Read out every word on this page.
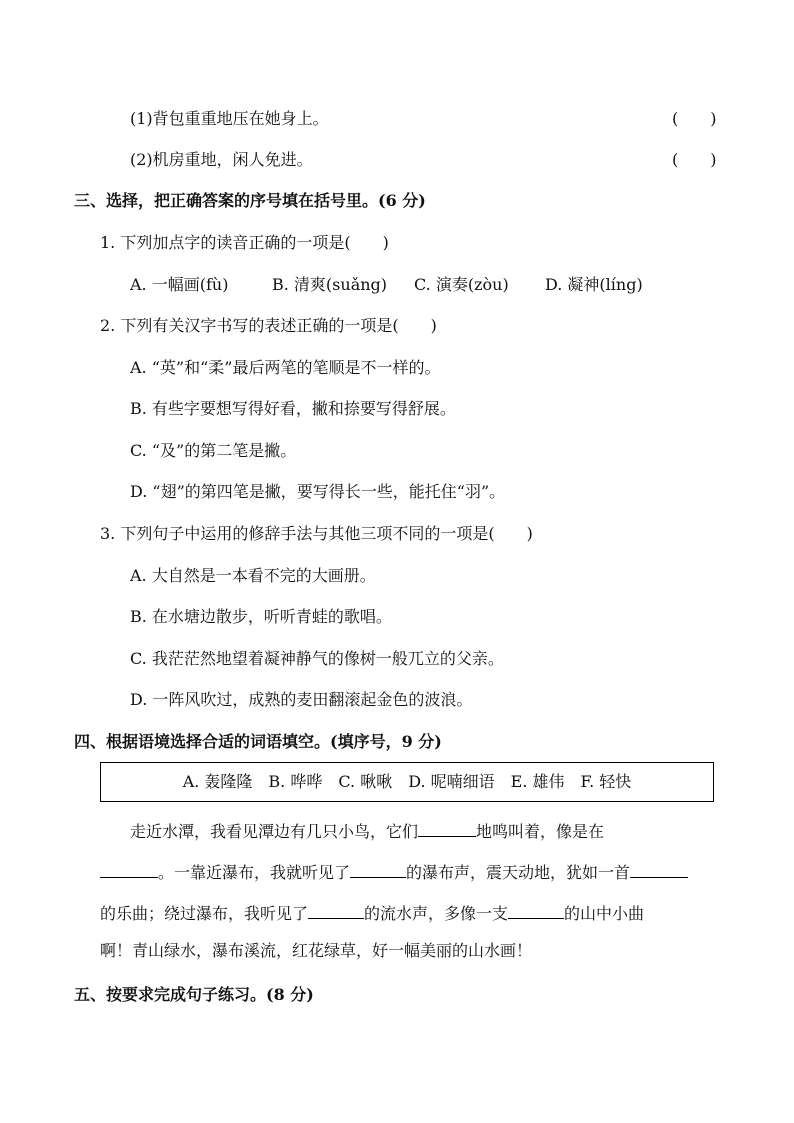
(1)背包重重地压在她身上。	(　　)
(2)机房重地，闲人免进。	(　　)
三、选择，把正确答案的序号填在括号里。(6 分)
1. 下列加点字的读音正确的一项是(　　)
A. 一幅画(fù)	B. 清爽(suǎng) C. 演奏(zòu) D. 凝神(líng)
2. 下列有关汉字书写的表述正确的一项是(　　)
A. “英”和“柔”最后两笔的笔顺是不一样的。
B. 有些字要想写得好看，撇和捺要写得舒展。
C. “及”的第二笔是撇。
D. “翅”的第四笔是撇，要写得长一些，能托住“羽”。
3. 下列句子中运用的修辞手法与其他三项不同的一项是(　　)
A. 大自然是一本看不完的大画册。
B. 在水塘边散步，听听青蛙的歌唱。
C. 我茫茫然地望着凝神静气的像树一般兀立的父亲。
D. 一阵风吹过，成熟的麦田翻滚起金色的波浪。
四、根据语境选择合适的词语填空。(填序号，9 分)
A. 轰隆隆 B. 哗哗 C. 啾啾 D. 呢喃细语 E. 雄伟 F. 轻快
走近水潭，我看见潭边有几只小鸟，它们	地鸣叫着，像是在
。一靠近瀑布，我就听见了	的瀑布声，震天动地，犹如一首
的乐曲；绕过瀑布，我听见了	的流水声，多像一支	的山中小曲
啊！青山绿水，瀑布溪流，红花绿草，好一幅美丽的山水画！
五、按要求完成句子练习。(8 分)
